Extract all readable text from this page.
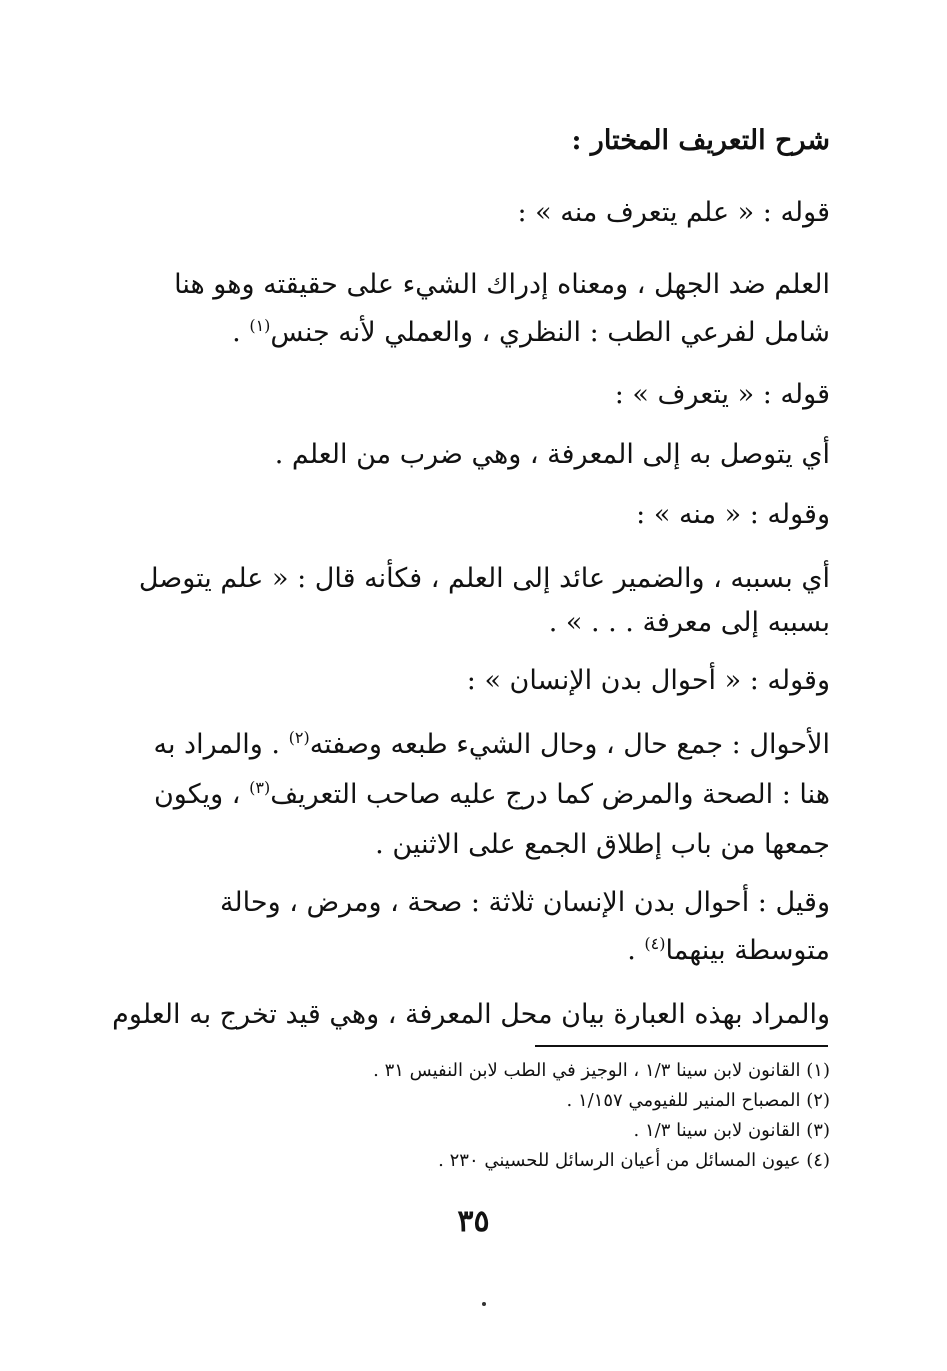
شرح التعريف المختار :
قوله : « علم يتعرف منه » :
العلم ضد الجهل ، ومعناه إدراك الشيء على حقيقته وهو هنا
شامل لفرعي الطب : النظري ، والعملي لأنه جنس$^{(١)}$ .
قوله : « يتعرف » :
أي يتوصل به إلى المعرفة ، وهي ضرب من العلم .
وقوله : « منه » :
أي بسببه ، والضمير عائد إلى العلم ، فكأنه قال : « علم يتوصل
بسببه إلى معرفة . . . » .
وقوله : « أحوال بدن الإنسان » :
الأحوال : جمع حال ، وحال الشيء طبعه وصفته$^{(٢)}$ . والمراد به
هنا : الصحة والمرض كما درج عليه صاحب التعريف$^{(٣)}$ ، ويكون
جمعها من باب إطلاق الجمع على الاثنين .
وقيل : أحوال بدن الإنسان ثلاثة : صحة ، ومرض ، وحالة
متوسطة بينهما$^{(٤)}$ .
والمراد بهذه العبارة بيان محل المعرفة ، وهي قيد تخرج به العلوم
(١) القانون لابن سينا ١/٣ ، الوجيز في الطب لابن النفيس ٣١ .
(٢) المصباح المنير للفيومي ١/١٥٧ .
(٣) القانون لابن سينا ١/٣ .
(٤) عيون المسائل من أعيان الرسائل للحسيني ٢٣٠ .
٣٥
